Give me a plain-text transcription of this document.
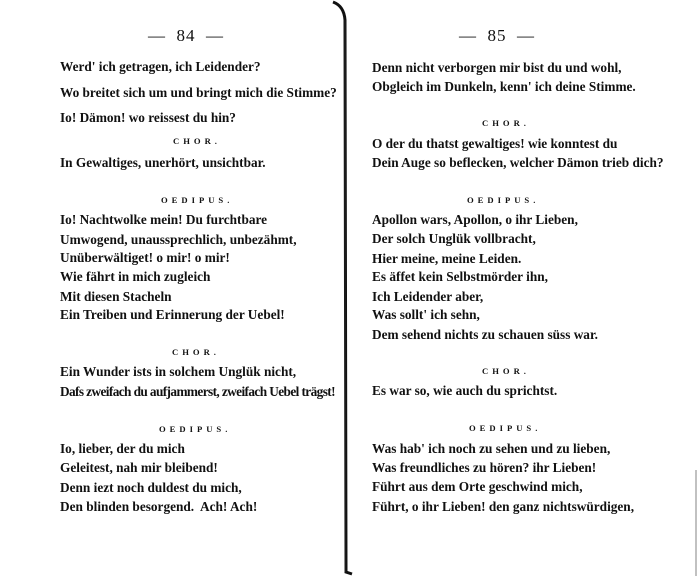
—  84  —
Werd' ich getragen, ich Leidender?
Wo breitet sich um und bringt mich die Stimme?
Io! Dämon! wo reissest du hin?
CHOR.
In Gewaltiges, unerhört, unsichtbar.
OEDIPUS.
Io! Nachtwolke mein! Du furchtbare
Umwogend, unaussprechlich, unbezähmt,
Unüberwältiget! o mir! o mir!
Wie fährt in mich zugleich
Mit diesen Stacheln
Ein Treiben und Erinnerung der Uebel!
CHOR.
Ein Wunder ists in solchem Unglük nicht,
Dafs zweifach du aufjammerst, zweifach Uebel trägst!
OEDIPUS.
Io, lieber, der du mich
Geleitest, nah mir bleibend!
Denn iezt noch duldest du mich,
Den blinden besorgend.  Ach! Ach!
—  85  —
Denn nicht verborgen mir bist du und wohl,
Obgleich im Dunkeln, kenn' ich deine Stimme.
CHOR.
O der du thatst gewaltiges! wie konntest du
Dein Auge so beflecken, welcher Dämon trieb dich?
OEDIPUS.
Apollon wars, Apollon, o ihr Lieben,
Der solch Unglük vollbracht,
Hier meine, meine Leiden.
Es äffet kein Selbstmörder ihn,
Ich Leidender aber,
Was sollt' ich sehn,
Dem sehend nichts zu schauen süss war.
CHOR.
Es war so, wie auch du sprichtst.
OEDIPUS.
Was hab' ich noch zu sehen und zu lieben,
Was freundliches zu hören? ihr Lieben!
Führt aus dem Orte geschwind mich,
Führt, o ihr Lieben! den ganz nichtswürdigen,
